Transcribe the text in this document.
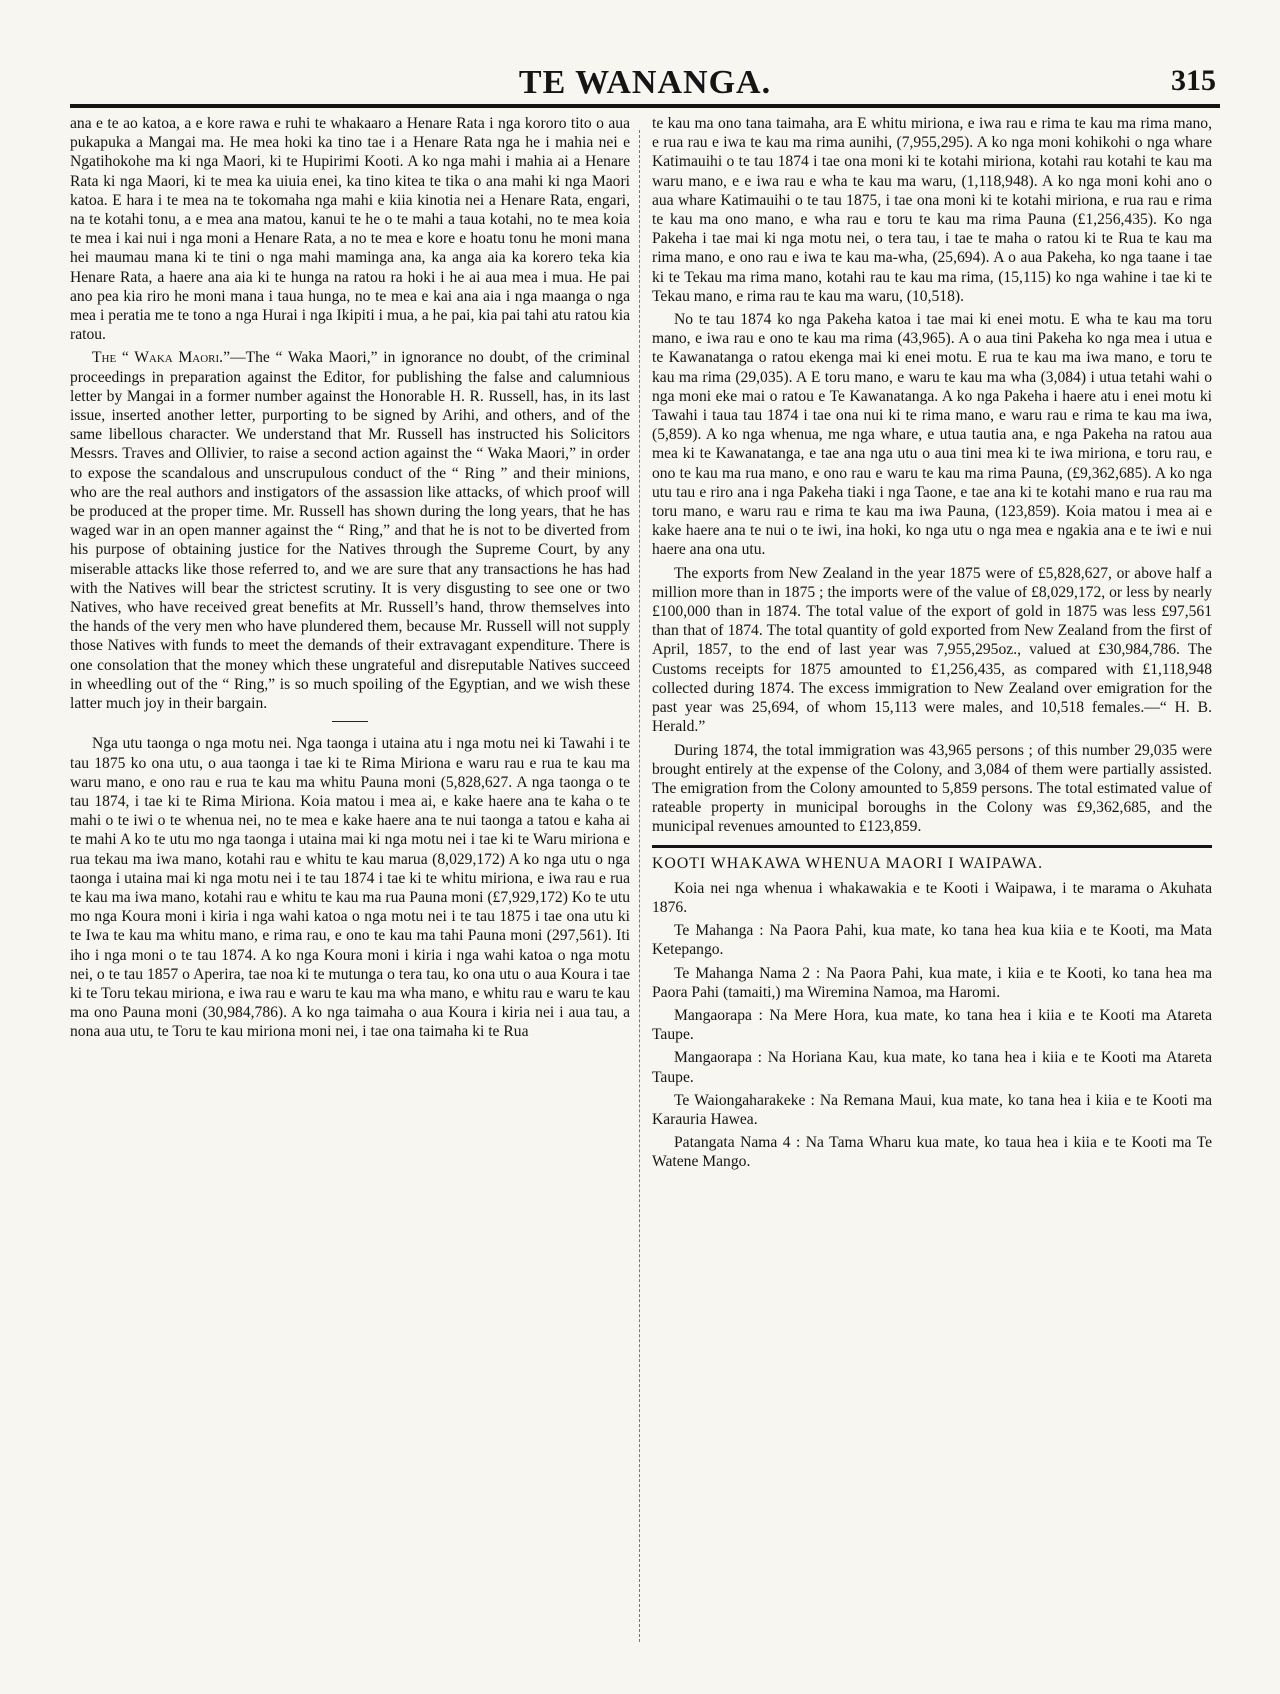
TE WANANGA.	315

ana e te ao katoa, a e kore rawa e ruhi te whakaaro a Henare Rata i nga kororo tito o aua pukapuka a Mangai ma. He mea hoki ka tino tae i a Henare Rata nga he i mahia nei e Ngatihokohe ma ki nga Maori, ki te Hupirimi Kooti. A ko nga mahi i mahia ai a Henare Rata ki nga Maori, ki te mea ka uiuia enei, ka tino kitea te tika o ana mahi ki nga Maori katoa. E hara i te mea na te tokomaha nga mahi e kiia kinotia nei a Henare Rata, engari, na te kotahi tonu, a e mea ana matou, kanui te he o te mahi a taua kotahi, no te mea koia te mea i kai nui i nga moni a Henare Rata, a no te mea e kore e hoatu tonu he moni mana hei maumau mana ki te tini o nga mahi maminga ana, ka anga aia ka korero teka kia Henare Rata, a haere ana aia ki te hunga na ratou ra hoki i he ai aua mea i mua. He pai ano pea kia riro he moni mana i taua hunga, no te mea e kai ana aia i nga maanga o nga mea i peratia me te tono a nga Hurai i nga Ikipiti i mua, a he pai, kia pai tahi atu ratou kia ratou.

The “ Waka Maori.”—The “ Waka Maori,” in ignorance no doubt, of the criminal proceedings in preparation against the Editor, for publishing the false and calumnious letter by Mangai in a former number against the Honorable H. R. Russell, has, in its last issue, inserted another letter, purporting to be signed by Arihi, and others, and of the same libellous character. We understand that Mr. Russell has instructed his Solicitors Messrs. Traves and Ollivier, to raise a second action against the “ Waka Maori,” in order to expose the scandalous and unscrupulous conduct of the “ Ring ” and their minions, who are the real authors and instigators of the assassion like attacks, of which proof will be produced at the proper time. Mr. Russell has shown during the long years, that he has waged war in an open manner against the “ Ring,” and that he is not to be diverted from his purpose of obtaining justice for the Natives through the Supreme Court, by any miserable attacks like those referred to, and we are sure that any transactions he has had with the Natives will bear the strictest scrutiny. It is very disgusting to see one or two Natives, who have received great benefits at Mr. Russell’s hand, throw themselves into the hands of the very men who have plundered them, because Mr. Russell will not supply those Natives with funds to meet the demands of their extravagant expenditure. There is one consolation that the money which these ungrateful and disreputable Natives succeed in wheedling out of the “ Ring,” is so much spoiling of the Egyptian, and we wish these latter much joy in their bargain.

Nga utu taonga o nga motu nei. Nga taonga i utaina atu i nga motu nei ki Tawahi i te tau 1875 ko ona utu, o aua taonga i tae ki te Rima Miriona e waru rau e rua te kau ma waru mano, e ono rau e rua te kau ma whitu Pauna moni (5,828,627. A nga taonga o te tau 1874, i tae ki te Rima Miriona. Koia matou i mea ai, e kake haere ana te kaha o te mahi o te iwi o te whenua nei, no te mea e kake haere ana te nui taonga a tatou e kaha ai te mahi A ko te utu mo nga taonga i utaina mai ki nga motu nei i tae ki te Waru miriona e rua tekau ma iwa mano, kotahi rau e whitu te kau marua (8,029,172) A ko nga utu o nga taonga i utaina mai ki nga motu nei i te tau 1874 i tae ki te whitu miriona, e iwa rau e rua te kau ma iwa mano, kotahi rau e whitu te kau ma rua Pauna moni (£7,929,172) Ko te utu mo nga Koura moni i kiria i nga wahi katoa o nga motu nei i te tau 1875 i tae ona utu ki te Iwa te kau ma whitu mano, e rima rau, e ono te kau ma tahi Pauna moni (297,561). Iti iho i nga moni o te tau 1874. A ko nga Koura moni i kiria i nga wahi katoa o nga motu nei, o te tau 1857 o Aperira, tae noa ki te mutunga o tera tau, ko ona utu o aua Koura i tae ki te Toru tekau miriona, e iwa rau e waru te kau ma wha mano, e whitu rau e waru te kau ma ono Pauna moni (30,984,786). A ko nga taimaha o aua Koura i kiria nei i aua tau, a nona aua utu, te Toru te kau miriona moni nei, i tae ona taimaha ki te Rua

te kau ma ono tana taimaha, ara E whitu miriona, e iwa rau e rima te kau ma rima mano, e rua rau e iwa te kau ma rima aunihi, (7,955,295). A ko nga moni kohikohi o nga whare Katimauihi o te tau 1874 i tae ona moni ki te kotahi miriona, kotahi rau kotahi te kau ma waru mano, e e iwa rau e wha te kau ma waru, (1,118,948). A ko nga moni kohi ano o aua whare Katimauihi o te tau 1875, i tae ona moni ki te kotahi miriona, e rua rau e rima te kau ma ono mano, e wha rau e toru te kau ma rima Pauna (£1,256,435). Ko nga Pakeha i tae mai ki nga motu nei, o tera tau, i tae te maha o ratou ki te Rua te kau ma rima mano, e ono rau e iwa te kau ma-wha, (25,694). A o aua Pakeha, ko nga taane i tae ki te Tekau ma rima mano, kotahi rau te kau ma rima, (15,115) ko nga wahine i tae ki te Tekau mano, e rima rau te kau ma waru, (10,518).

No te tau 1874 ko nga Pakeha katoa i tae mai ki enei motu. E wha te kau ma toru mano, e iwa rau e ono te kau ma rima (43,965). A o aua tini Pakeha ko nga mea i utua e te Kawanatanga o ratou ekenga mai ki enei motu. E rua te kau ma iwa mano, e toru te kau ma rima (29,035). A E toru mano, e waru te kau ma wha (3,084) i utua tetahi wahi o nga moni eke mai o ratou e Te Kawanatanga. A ko nga Pakeha i haere atu i enei motu ki Tawahi i taua tau 1874 i tae ona nui ki te rima mano, e waru rau e rima te kau ma iwa, (5,859). A ko nga whenua, me nga whare, e utua tautia ana, e nga Pakeha na ratou aua mea ki te Kawanatanga, e tae ana nga utu o aua tini mea ki te iwa miriona, e toru rau, e ono te kau ma rua mano, e ono rau e waru te kau ma rima Pauna, (£9,362,685). A ko nga utu tau e riro ana i nga Pakeha tiaki i nga Taone, e tae ana ki te kotahi mano e rua rau ma toru mano, e waru rau e rima te kau ma iwa Pauna, (123,859). Koia matou i mea ai e kake haere ana te nui o te iwi, ina hoki, ko nga utu o nga mea e ngakia ana e te iwi e nui haere ana ona utu.

The exports from New Zealand in the year 1875 were of £5,828,627, or above half a million more than in 1875 ; the imports were of the value of £8,029,172, or less by nearly £100,000 than in 1874. The total value of the export of gold in 1875 was less £97,561 than that of 1874. The total quantity of gold exported from New Zealand from the first of April, 1857, to the end of last year was 7,955,295oz., valued at £30,984,786. The Customs receipts for 1875 amounted to £1,256,435, as compared with £1,118,948 collected during 1874. The excess immigration to New Zealand over emigration for the past year was 25,694, of whom 15,113 were males, and 10,518 females.—“ H. B. Herald.”

During 1874, the total immigration was 43,965 persons ; of this number 29,035 were brought entirely at the expense of the Colony, and 3,084 of them were partially assisted. The emigration from the Colony amounted to 5,859 persons. The total estimated value of rateable property in municipal boroughs in the Colony was £9,362,685, and the municipal revenues amounted to £123,859.

KOOTI WHAKAWA WHENUA MAORI I WAIPAWA.

Koia nei nga whenua i whakawakia e te Kooti i Waipawa, i te marama o Akuhata 1876.

Te Mahanga : Na Paora Pahi, kua mate, ko tana hea kua kiia e te Kooti, ma Mata Ketepango.

Te Mahanga Nama 2 : Na Paora Pahi, kua mate, i kiia e te Kooti, ko tana hea ma Paora Pahi (tamaiti,) ma Wiremina Namoa, ma Haromi.

Mangaorapa : Na Mere Hora, kua mate, ko tana hea i kiia e te Kooti ma Atareta Taupe.

Mangaorapa : Na Horiana Kau, kua mate, ko tana hea i kiia e te Kooti ma Atareta Taupe.

Te Waiongaharakeke : Na Remana Maui, kua mate, ko tana hea i kiia e te Kooti ma Karauria Hawea.

Patangata Nama 4 : Na Tama Wharu kua mate, ko taua hea i kiia e te Kooti ma Te Watene Mango.
